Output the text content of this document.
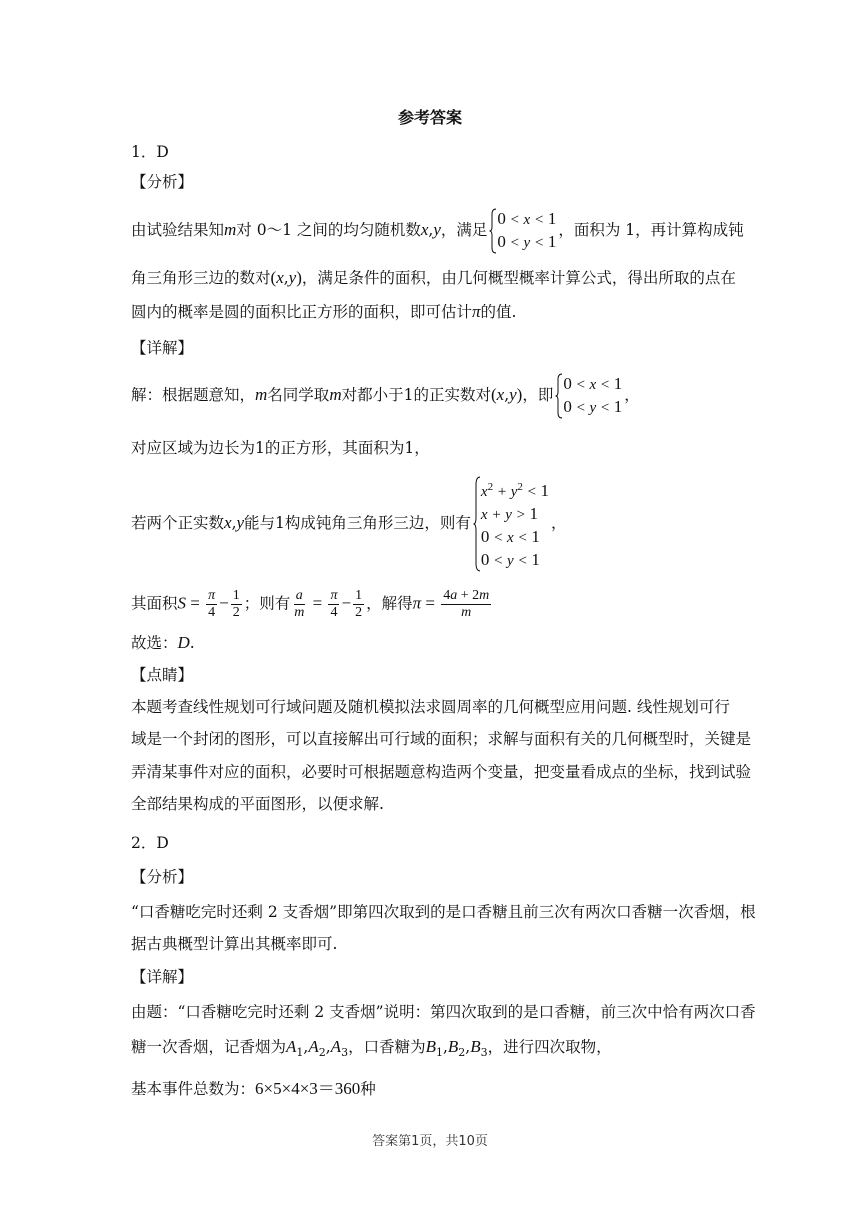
参考答案
1．D
【分析】
由试验结果知m对 0～1 之间的均匀随机数x,y，满足
0 < x < 1
0 < y < 1
，面积为 1，再计算构成钝
角三角形三边的数对(x,y)，满足条件的面积，由几何概型概率计算公式，得出所取的点在
圆内的概率是圆的面积比正方形的面积，即可估计π的值.
【详解】
解：根据题意知，m名同学取m对都小于1的正实数对(x,y)，即
0 < x < 1
0 < y < 1
，
对应区域为边长为1的正方形，其面积为1，
若两个正实数x,y能与1构成钝角三角形三边，则有
$x^2 + y^2 < 1$
x + y > 1
0 < x < 1
0 < y < 1
，
其面积$S = \frac{\pi}{4} - \frac{1}{2}$ ；则有 $\frac{a}{m} = \frac{\pi}{4} - \frac{1}{2}$ ，解得$\pi = \frac{4a + 2m}{m}$
故选：D.
【点睛】
本题考查线性规划可行域问题及随机模拟法求圆周率的几何概型应用问题. 线性规划可行
域是一个封闭的图形，可以直接解出可行域的面积；求解与面积有关的几何概型时，关键是
弄清某事件对应的面积，必要时可根据题意构造两个变量，把变量看成点的坐标，找到试验
全部结果构成的平面图形，以便求解.
2．D
【分析】
“口香糖吃完时还剩 2 支香烟”即第四次取到的是口香糖且前三次有两次口香糖一次香烟，根
据古典概型计算出其概率即可.
【详解】
由题：“口香糖吃完时还剩 2 支香烟”说明：第四次取到的是口香糖，前三次中恰有两次口香
糖一次香烟，记香烟为$A_1,A_2,A_3$，口香糖为$B_1,B_2,B_3$，进行四次取物，
基本事件总数为：6×5×4×3＝360种
答案第1页，共10页
